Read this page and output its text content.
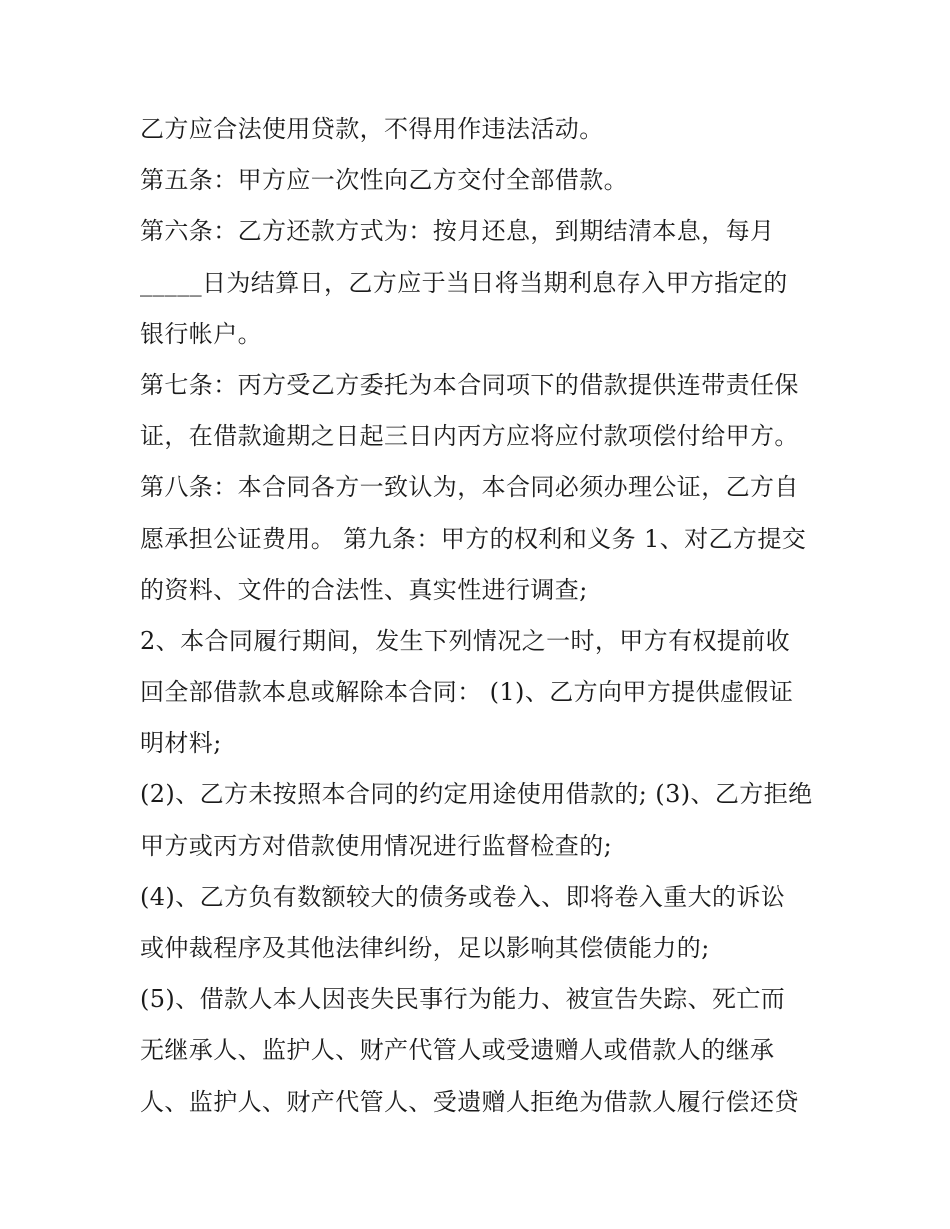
乙方应合法使用贷款，不得用作违法活动。
第五条：甲方应一次性向乙方交付全部借款。
第六条：乙方还款方式为：按月还息，到期结清本息，每月
_____日为结算日，乙方应于当日将当期利息存入甲方指定的
银行帐户。
第七条：丙方受乙方委托为本合同项下的借款提供连带责任保
证，在借款逾期之日起三日内丙方应将应付款项偿付给甲方。
第八条：本合同各方一致认为，本合同必须办理公证，乙方自
愿承担公证费用。 第九条：甲方的权利和义务 1、对乙方提交
的资料、文件的合法性、真实性进行调查;
2、本合同履行期间，发生下列情况之一时，甲方有权提前收
回全部借款本息或解除本合同： (1)、乙方向甲方提供虚假证
明材料;
(2)、乙方未按照本合同的约定用途使用借款的; (3)、乙方拒绝
甲方或丙方对借款使用情况进行监督检查的;
(4)、乙方负有数额较大的债务或卷入、即将卷入重大的诉讼
或仲裁程序及其他法律纠纷，足以影响其偿债能力的;
(5)、借款人本人因丧失民事行为能力、被宣告失踪、死亡而
无继承人、监护人、财产代管人或受遗赠人或借款人的继承
人、监护人、财产代管人、受遗赠人拒绝为借款人履行偿还贷
